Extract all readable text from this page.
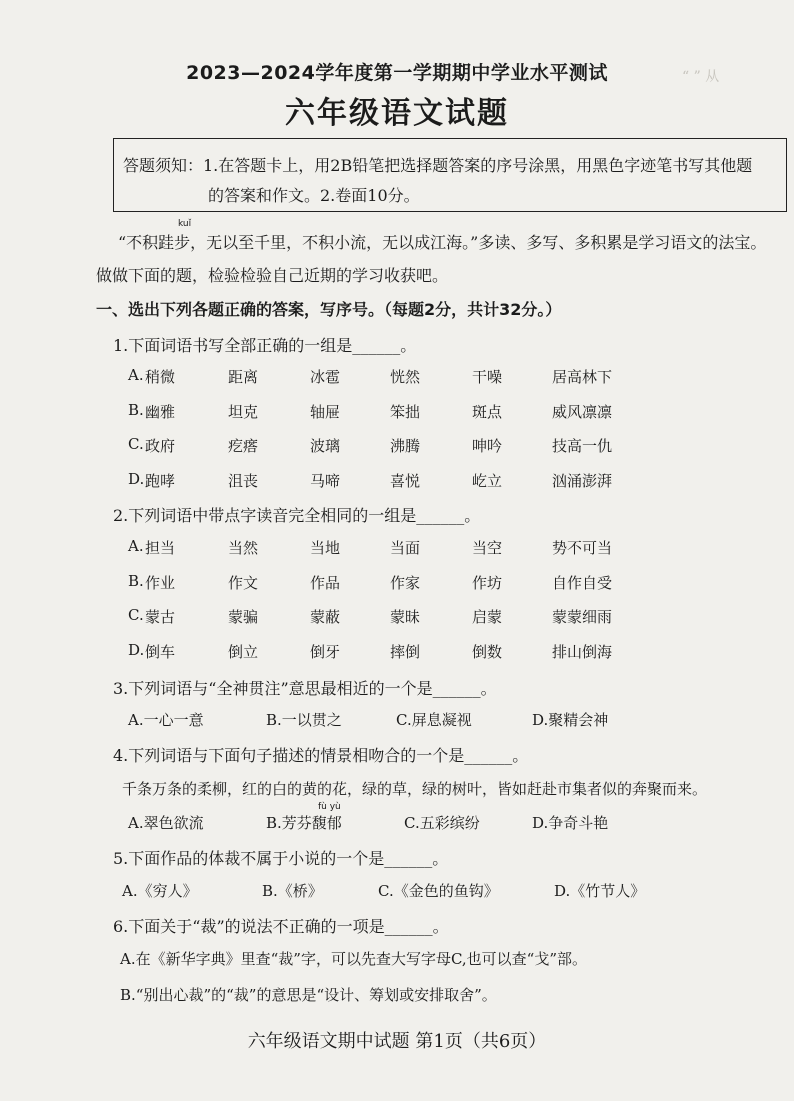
“ ” 从
2023—2024学年度第一学期期中学业水平测试
六年级语文试题
答题须知：1.在答题卡上，用2B铅笔把选择题答案的序号涂黑，用黑色字迹笔书写其他题
的答案和作文。2.卷面10分。
kuǐ
“不积跬步，无以至千里，不积小流，无以成江海。”多读、多写、多积累是学习语文的法宝。
做做下面的题，检验检验自己近期的学习收获吧。
一、选出下列各题正确的答案，写序号。（每题2分，共计32分。）
1.下面词语书写全部正确的一组是______。
A. 稍微	距离	冰雹	恍然	干噪	居高林下
B. 幽雅	坦克	轴屉	笨拙	斑点	威风凛凛
C. 政府	疙瘩	波璃	沸腾	呻吟	技高一仇
D. 跑哮	沮丧	马啼	喜悦	屹立	汹涌澎湃
2.下列词语中带点字读音完全相同的一组是______。
A. 担当	当然	当地	当面	当空	势不可当
B. 作业	作文	作品	作家	作坊	自作自受
C. 蒙古	蒙骗	蒙蔽	蒙昧	启蒙	蒙蒙细雨
D. 倒车	倒立	倒牙	摔倒	倒数	排山倒海
3.下列词语与“全神贯注”意思最相近的一个是______。
A.一心一意	B.一以贯之	C.屏息凝视	D.聚精会神
4.下列词语与下面句子描述的情景相吻合的一个是______。
千条万条的柔柳，红的白的黄的花，绿的草，绿的树叶，皆如赶赴市集者似的奔聚而来。
fù yù
A.翠色欲流	B.芳芬馥郁	C.五彩缤纷	D.争奇斗艳
5.下面作品的体裁不属于小说的一个是______。
A.《穷人》	B.《桥》	C.《金色的鱼钩》	D.《竹节人》
6.下面关于“裁”的说法不正确的一项是______。
A.在《新华字典》里查“裁”字，可以先查大写字母C,也可以查“戈”部。
B.“别出心裁”的“裁”的意思是“设计、筹划或安排取舍”。
六年级语文期中试题 第1页（共6页）
